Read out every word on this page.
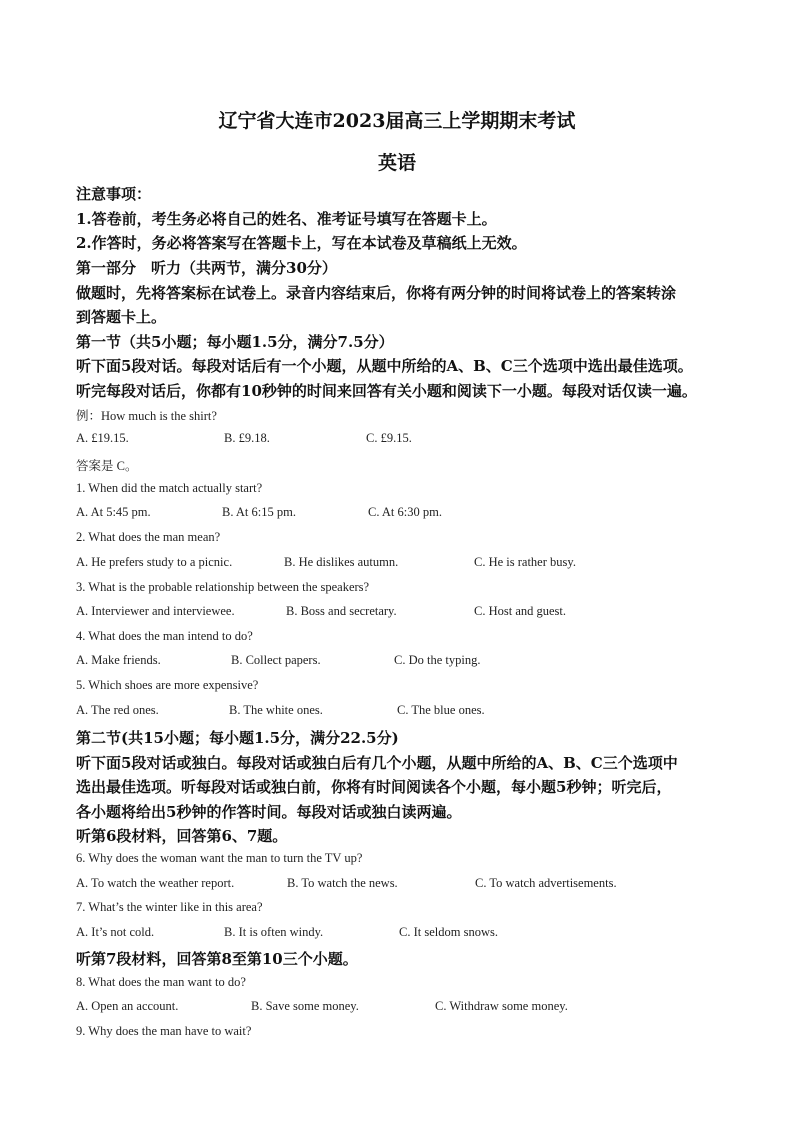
辽宁省大连市2023届高三上学期期末考试
英语

注意事项：

1.答卷前，考生务必将自己的姓名、准考证号填写在答题卡上。

2.作答时，务必将答案写在答题卡上，写在本试卷及草稿纸上无效。

第一部分　听力（共两节，满分30分）

做题时，先将答案标在试卷上。录音内容结束后，你将有两分钟的时间将试卷上的答案转涂

到答题卡上。

第一节（共5小题；每小题1.5分，满分7.5分）

听下面5段对话。每段对话后有一个小题，从题中所给的A、B、C三个选项中选出最佳选项。

听完每段对话后，你都有10秒钟的时间来回答有关小题和阅读下一小题。每段对话仅读一遍。

例：How much is the shirt?

A. £19.15.	B. £9.18.	C. £9.15.

答案是 C。

1. When did the match actually start?

A. At 5:45 pm.	B. At 6:15 pm.	C. At 6:30 pm.

2. What does the man mean?

A. He prefers study to a picnic.	B. He dislikes autumn.	C. He is rather busy.

3. What is the probable relationship between the speakers?

A. Interviewer and interviewee.	B. Boss and secretary.	C. Host and guest.

4. What does the man intend to do?

A. Make friends.	B. Collect papers.	C. Do the typing.

5. Which shoes are more expensive?

A. The red ones.	B. The white ones.	C. The blue ones.

第二节(共15小题；每小题1.5分，满分22.5分)

听下面5段对话或独白。每段对话或独白后有几个小题，从题中所给的A、B、C三个选项中

选出最佳选项。听每段对话或独白前，你将有时间阅读各个小题，每小题5秒钟；听完后，

各小题将给出5秒钟的作答时间。每段对话或独白读两遍。

听第6段材料，回答第6、7题。

6. Why does the woman want the man to turn the TV up?

A. To watch the weather report.	B. To watch the news.	C. To watch advertisements.

7. What’s the winter like in this area?

A. It’s not cold.	B. It is often windy.	C. It seldom snows.

听第7段材料，回答第8至第10三个小题。

8. What does the man want to do?

A. Open an account.	B. Save some money.	C. Withdraw some money.

9. Why does the man have to wait?
